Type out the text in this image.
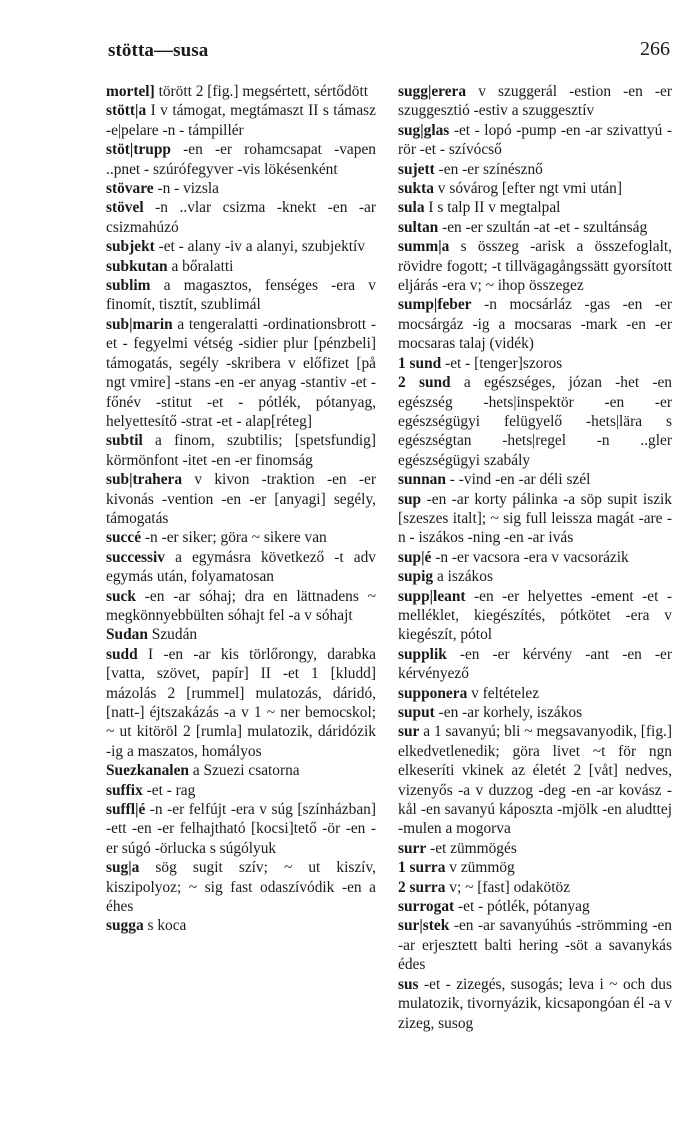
stötta—susa	266

mortel] törött 2 [fig.] megsértett, sértődött

stött|a I v támogat, megtámaszt II s támasz -e|pelare -n - támpillér

stöt|trupp -en -er rohamcsapat -vapen ..pnet - szúrófegyver -vis lökésenként

stövare -n - vizsla

stövel -n ..vlar csizma -knekt -en -ar csizmahúzó

subjekt -et - alany -iv a alanyi, szubjektív

subkutan a bőralatti

sublim a magasztos, fenséges -era v finomít, tisztít, szublimál

sub|marin a tengeralatti -ordinationsbrott -et - fegyelmi vétség -sidier plur [pénzbeli] támogatás, segély -skribera v előfizet [på ngt vmire] -stans -en -er anyag -stantiv -et - főnév -stitut -et - pótlék, pótanyag, helyettesítő -strat -et - alap[réteg]

subtil a finom, szubtilis; [spetsfundig] körmönfont -itet -en -er finomság

sub|trahera v kivon -traktion -en -er kivonás -vention -en -er [anyagi] segély, támogatás

succé -n -er siker; göra ~ sikere van

successiv a egymásra következő -t adv egymás után, folyamatosan

suck -en -ar sóhaj; dra en lättnadens ~ megkönnyebbülten sóhajt fel -a v sóhajt

Sudan Szudán

sudd I -en -ar kis törlőrongy, darabka [vatta, szövet, papír] II -et 1 [kludd] mázolás 2 [rummel] mulatozás, dáridó, [natt-] éjtszakázás -a v 1 ~ ner bemocskol; ~ ut kitöröl 2 [rumla] mulatozik, dáridózik -ig a maszatos, homályos

Suezkanalen a Szuezi csatorna

suffix -et - rag

suffl|é -n -er felfújt -era v súg [színházban] -ett -en -er felhajtható [kocsi]tető -ör -en -er súgó -örlucka s súgólyuk

sug|a sög sugit szív; ~ ut kiszív, kiszipolyoz; ~ sig fast odaszívódik -en a éhes

sugga s koca

sugg|erera v szuggerál -estion -en -er szuggesztió -estiv a szuggesztív

sug|glas -et - lopó -pump -en -ar szivattyú -rör -et - szívócső

sujett -en -er színésznő

sukta v sóvárog [efter ngt vmi után]

sula I s talp II v megtalpal

sultan -en -er szultán -at -et - szultánság

summ|a s összeg -arisk a összefoglalt, rövidre fogott; -t tillvägagångssätt gyorsított eljárás -era v; ~ ihop összegez

sump|feber -n mocsárláz -gas -en -er mocsárgáz -ig a mocsaras -mark -en -er mocsaras talaj (vidék)

1 sund -et - [tenger]szoros

2 sund a egészséges, józan -het -en egészség -hets|inspektör -en -er egészségügyi felügyelő -hets|lära s egészségtan -hets|regel -n ..gler egészségügyi szabály

sunnan - -vind -en -ar déli szél

sup -en -ar korty pálinka -a söp supit iszik [szeszes italt]; ~ sig full leissza magát -are -n - iszákos -ning -en -ar ivás

sup|é -n -er vacsora -era v vacsorázik

supig a iszákos

supp|leant -en -er helyettes -ement -et - melléklet, kiegészítés, pótkötet -era v kiegészít, pótol

supplik -en -er kérvény -ant -en -er kérvényező

supponera v feltételez

suput -en -ar korhely, iszákos

sur a 1 savanyú; bli ~ megsavanyodik, [fig.] elkedvetlenedik; göra livet ~t för ngn elkeseríti vkinek az életét 2 [våt] nedves, vizenyős -a v duzzog -deg -en -ar kovász -kål -en savanyú káposzta -mjölk -en aludttej -mulen a mogorva

surr -et zümmögés

1 surra v zümmög

2 surra v; ~ [fast] odakötöz

surrogat -et - pótlék, pótanyag

sur|stek -en -ar savanyúhús -strömming -en -ar erjesztett balti hering -söt a savanykás édes

sus -et - zizegés, susogás; leva i ~ och dus mulatozik, tivornyázik, kicsapongóan él -a v zizeg, susog
